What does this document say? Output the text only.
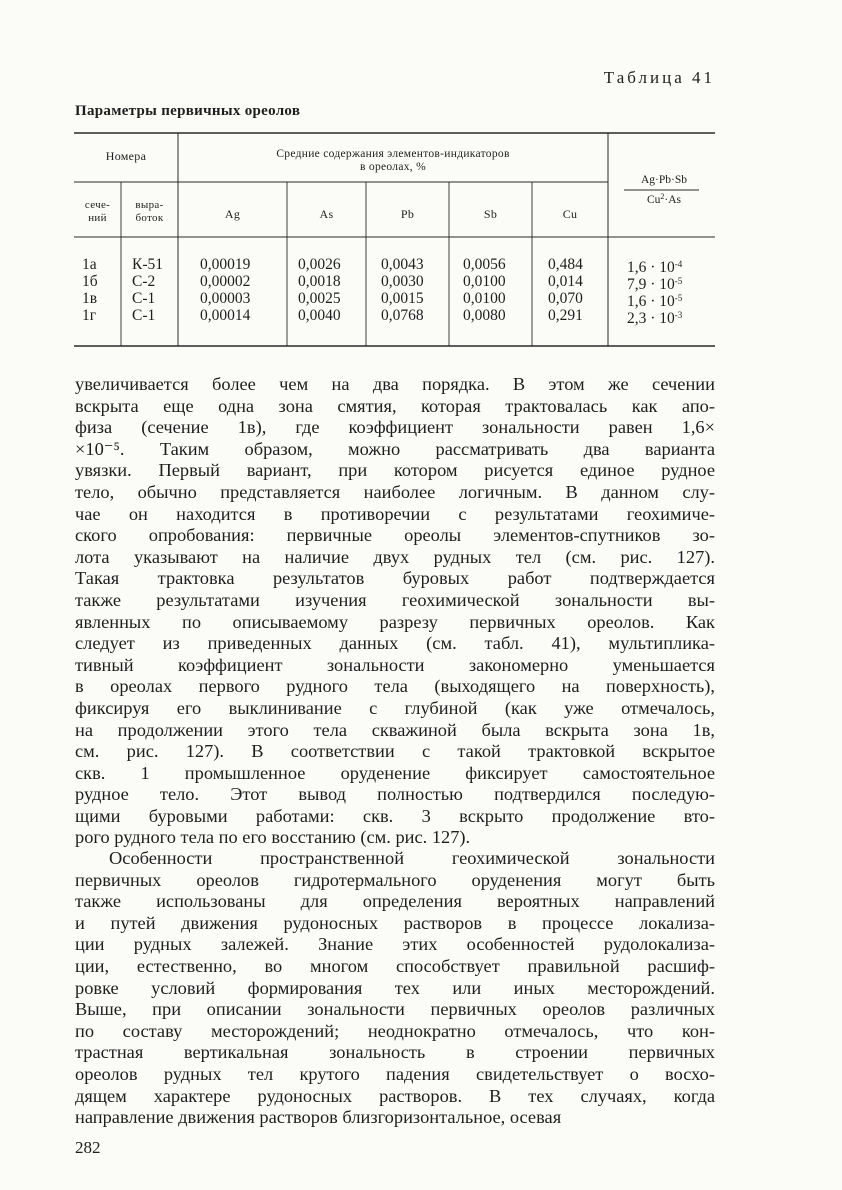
Таблица 41
Параметры первичных ореолов
Номера
сече-
ний
выра-
боток
Средние содержания элементов-индикаторов
в ореолах, %
Ag	As	Pb	Sb	Cu
Ag·Pb·Sb
$Cu^2\cdot As$
1а	К-51	0,00019	0,0026	0,0043	0,0056	0,484	$1,6 \cdot 10^{-4}$
1б	С-2	0,00002	0,0018	0,0030	0,0100	0,014	$7,9 \cdot 10^{-5}$
1в	С-1	0,00003	0,0025	0,0015	0,0100	0,070	$1,6 \cdot 10^{-5}$
1г	С-1	0,00014	0,0040	0,0768	0,0080	0,291	$2,3 \cdot 10^{-3}$

увеличивается более чем на два порядка. В этом же сечении

вскрыта еще одна зона смятия, которая трактовалась как апо-

физа (сечение 1в), где коэффициент зональности равен 1,6×

×10⁻⁵. Таким образом, можно рассматривать два варианта

увязки. Первый вариант, при котором рисуется единое рудное

тело, обычно представляется наиболее логичным. В данном слу-

чае он находится в противоречии с результатами геохимиче-

ского опробования: первичные ореолы элементов-спутников зо-

лота указывают на наличие двух рудных тел (см. рис. 127).

Такая трактовка результатов буровых работ подтверждается

также результатами изучения геохимической зональности вы-

явленных по описываемому разрезу первичных ореолов. Как

следует из приведенных данных (см. табл. 41), мультиплика-

тивный коэффициент зональности закономерно уменьшается

в ореолах первого рудного тела (выходящего на поверхность),

фиксируя его выклинивание с глубиной (как уже отмечалось,

на продолжении этого тела скважиной была вскрыта зона 1в,

см. рис. 127). В соответствии с такой трактовкой вскрытое

скв. 1 промышленное оруденение фиксирует самостоятельное

рудное тело. Этот вывод полностью подтвердился последую-

щими буровыми работами: скв. 3 вскрыто продолжение вто-

рого рудного тела по его восстанию (см. рис. 127).

Особенности пространственной геохимической зональности

первичных ореолов гидротермального оруденения могут быть

также использованы для определения вероятных направлений

и путей движения рудоносных растворов в процессе локализа-

ции рудных залежей. Знание этих особенностей рудолокализа-

ции, естественно, во многом способствует правильной расшиф-

ровке условий формирования тех или иных месторождений.

Выше, при описании зональности первичных ореолов различных

по составу месторождений; неоднократно отмечалось, что кон-

трастная вертикальная зональность в строении первичных

ореолов рудных тел крутого падения свидетельствует о восхо-

дящем характере рудоносных растворов. В тех случаях, когда

направление движения растворов близгоризонтальное, осевая

282
